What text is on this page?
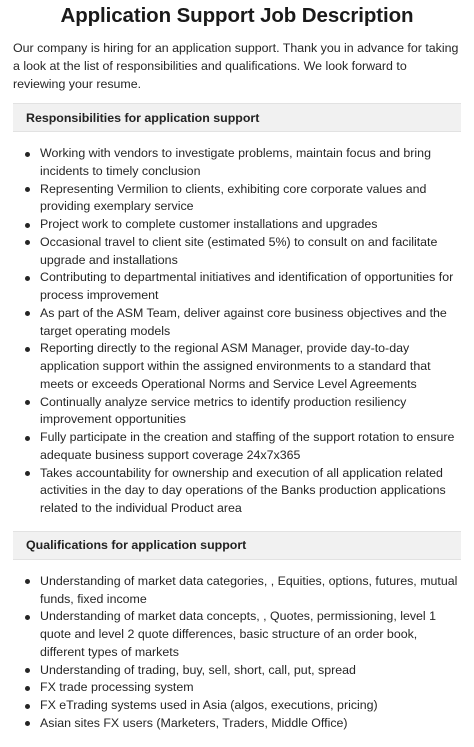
Application Support Job Description

Our company is hiring for an application support. Thank you in advance for taking a look at the list of responsibilities and qualifications. We look forward to reviewing your resume.

Responsibilities for application support
Working with vendors to investigate problems, maintain focus and bring incidents to timely conclusion
Representing Vermilion to clients, exhibiting core corporate values and providing exemplary service
Project work to complete customer installations and upgrades
Occasional travel to client site (estimated 5%) to consult on and facilitate upgrade and installations
Contributing to departmental initiatives and identification of opportunities for process improvement
As part of the ASM Team, deliver against core business objectives and the target operating models
Reporting directly to the regional ASM Manager, provide day-to-day application support within the assigned environments to a standard that meets or exceeds Operational Norms and Service Level Agreements
Continually analyze service metrics to identify production resiliency improvement opportunities
Fully participate in the creation and staffing of the support rotation to ensure adequate business support coverage 24x7x365
Takes accountability for ownership and execution of all application related activities in the day to day operations of the Banks production applications related to the individual Product area
Qualifications for application support
Understanding of market data categories, , Equities, options, futures, mutual funds, fixed income
Understanding of market data concepts, , Quotes, permissioning, level 1 quote and level 2 quote differences, basic structure of an order book, different types of markets
Understanding of trading, buy, sell, short, call, put, spread
FX trade processing system
FX eTrading systems used in Asia (algos, executions, pricing)
Asian sites FX users (Marketers, Traders, Middle Office)
